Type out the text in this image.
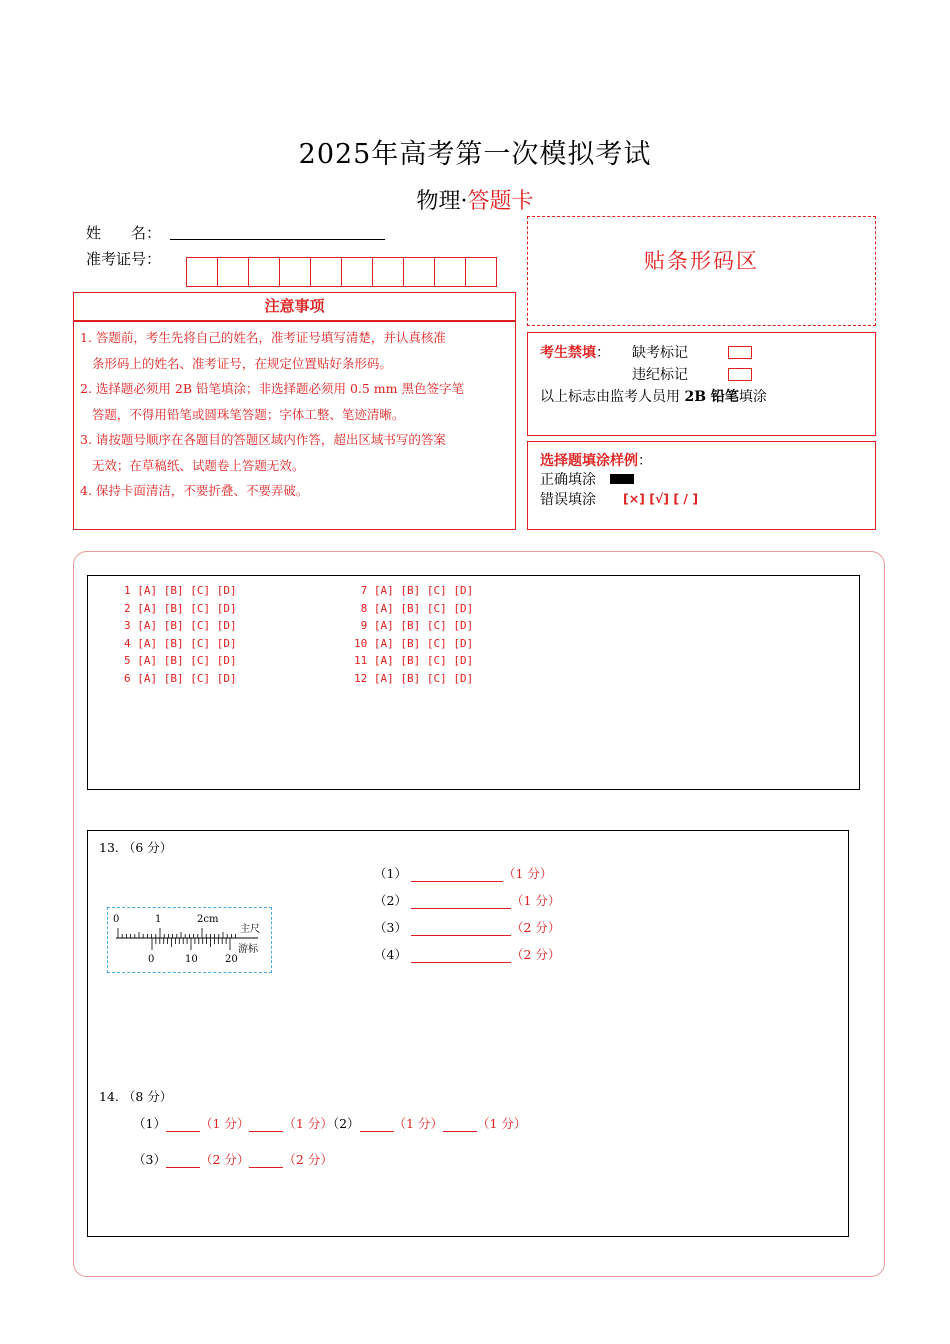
2025年高考第一次模拟考试
物理·答题卡
姓　　名：
准考证号：
注意事项
1. 答题前，考生先将自己的姓名，准考证号填写清楚，并认真核准
条形码上的姓名、准考证号，在规定位置贴好条形码。
2. 选择题必须用 2B 铅笔填涂；非选择题必须用 0.5 mm 黑色签字笔
答题，不得用铅笔或圆珠笔答题；字体工整、笔迹清晰。
3. 请按题号顺序在各题目的答题区域内作答，超出区域书写的答案
无效；在草稿纸、试题卷上答题无效。
4. 保持卡面清洁，不要折叠、不要弄破。
贴条形码区
考生禁填： 缺考标记
违纪标记
以上标志由监考人员用 2B 铅笔填涂
选择题填涂样例：
正确填涂
错误填涂 [×] [√] [ / ]
1 [A] [B] [C] [D]
2 [A] [B] [C] [D]
3 [A] [B] [C] [D]
4 [A] [B] [C] [D]
5 [A] [B] [C] [D]
6 [A] [B] [C] [D]
7 [A] [B] [C] [D]
8 [A] [B] [C] [D]
9 [A] [B] [C] [D]
10 [A] [B] [C] [D]
11 [A] [B] [C] [D]
12 [A] [B] [C] [D]
13. （6 分）
（1）	（1 分）
（2）	（1 分）
（3）	（2 分）
（4）	（2 分）
0	1	2cm
主尺
0	10	20
游标
14. （8 分）
（1）	（1 分）	（1 分）（2）	（1 分）	（1 分）
（3）	（2 分）	（2 分）
